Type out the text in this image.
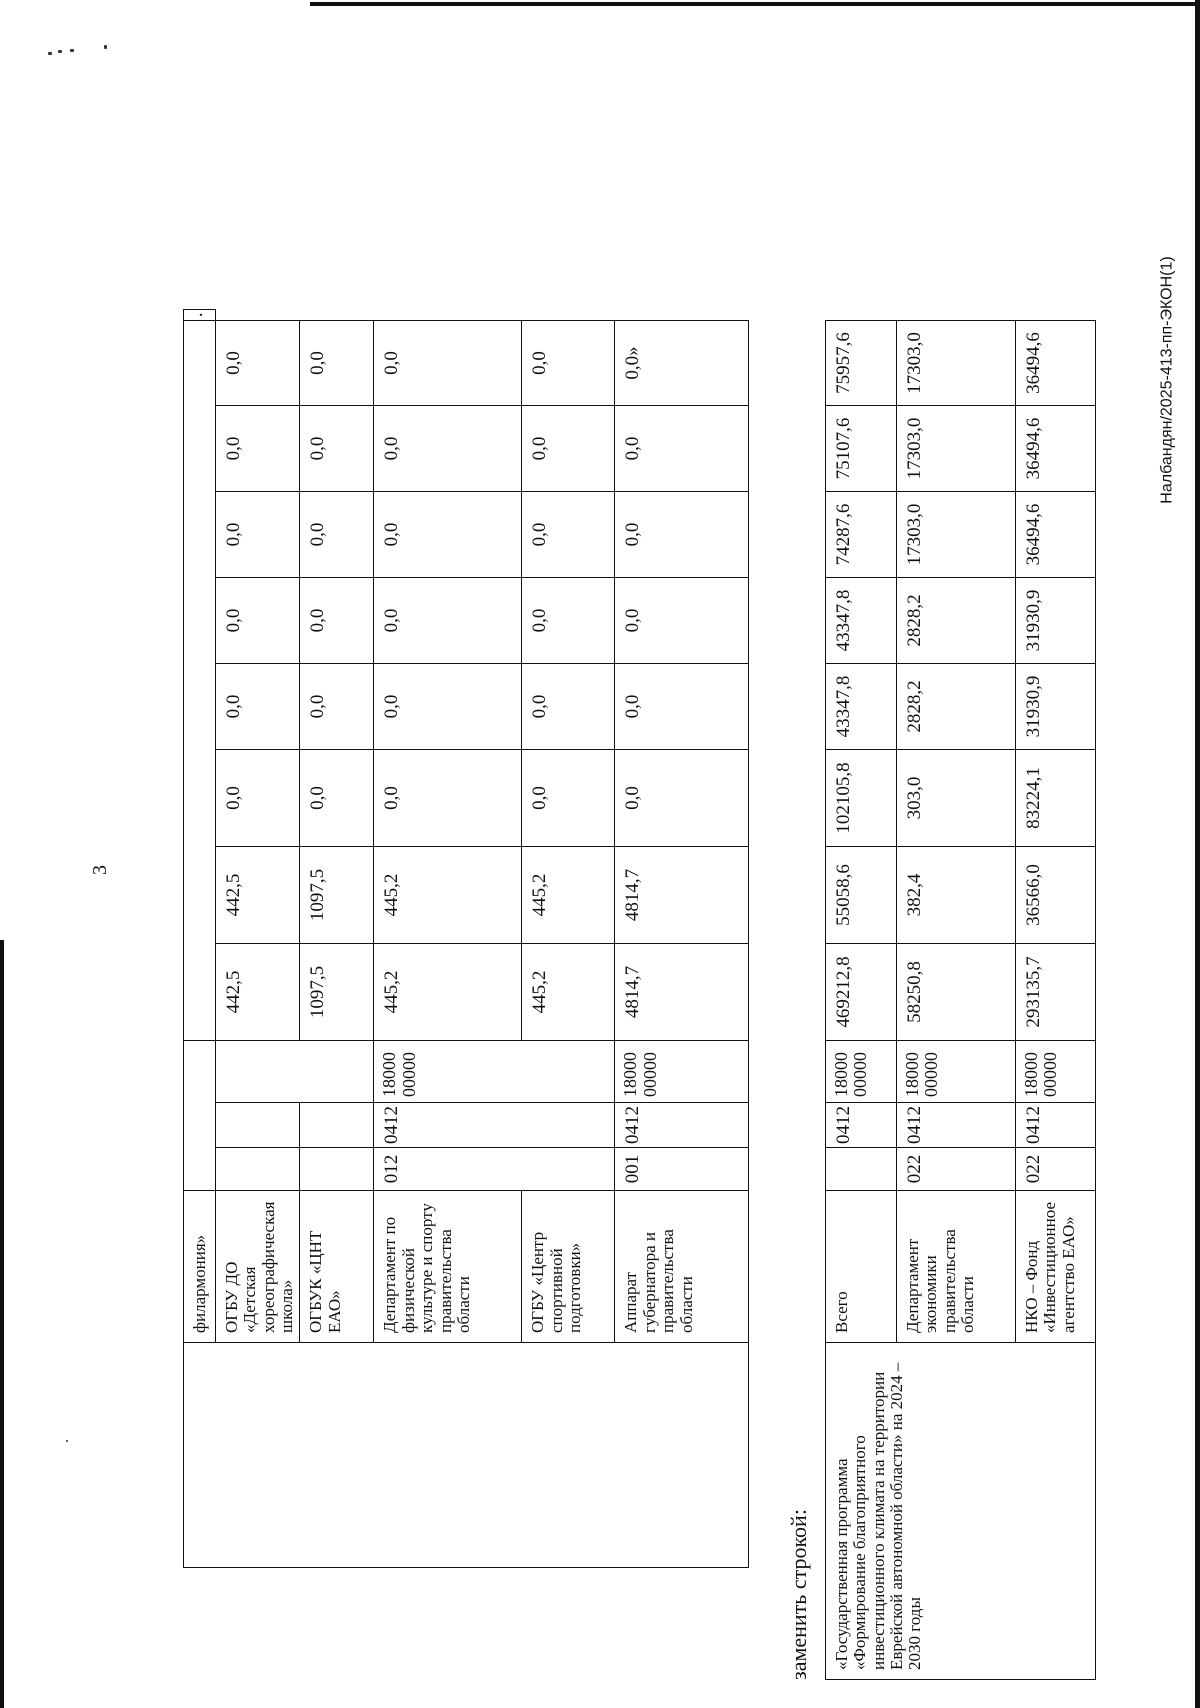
3
Налбандян/2025-413-пп-ЭКОН(1)
	филармония»												·
	ОГБУ ДО «Детская хореографическая школа»				442,5	442,5	0,0	0,0	0,0	0,0	0,0	0,0	
	ОГБУК «ЦНТ ЕАО»				1097,5	1097,5	0,0	0,0	0,0	0,0	0,0	0,0	
	Департамент по физической культуре и спорту правительства области	012	0412	18000 00000	445,2	445,2	0,0	0,0	0,0	0,0	0,0	0,0	
	ОГБУ «Центр спортивной подготовки»				445,2	445,2	0,0	0,0	0,0	0,0	0,0	0,0	
	Аппарат губернатора и правительства области	001	0412	18000 00000	4814,7	4814,7	0,0	0,0	0,0	0,0	0,0	0,0»	
заменить строкой:	«Государственная программа «Формирование благоприятного инвестиционного климата на территории Еврейской автономной области» на 2024 – 2030 годы	Всего		0412	18000 00000	469212,8	55058,6	102105,8	43347,8	43347,8	74287,6	75107,6	75957,6
	Департамент экономики правительства области	022	0412	18000 00000	58250,8	382,4	303,0	2828,2	2828,2	17303,0	17303,0	17303,0
	НКО – Фонд «Инвестиционное агентство ЕАО»	022	0412	18000 00000	293135,7	36566,0	83224,1	31930,9	31930,9	36494,6	36494,6	36494,6
